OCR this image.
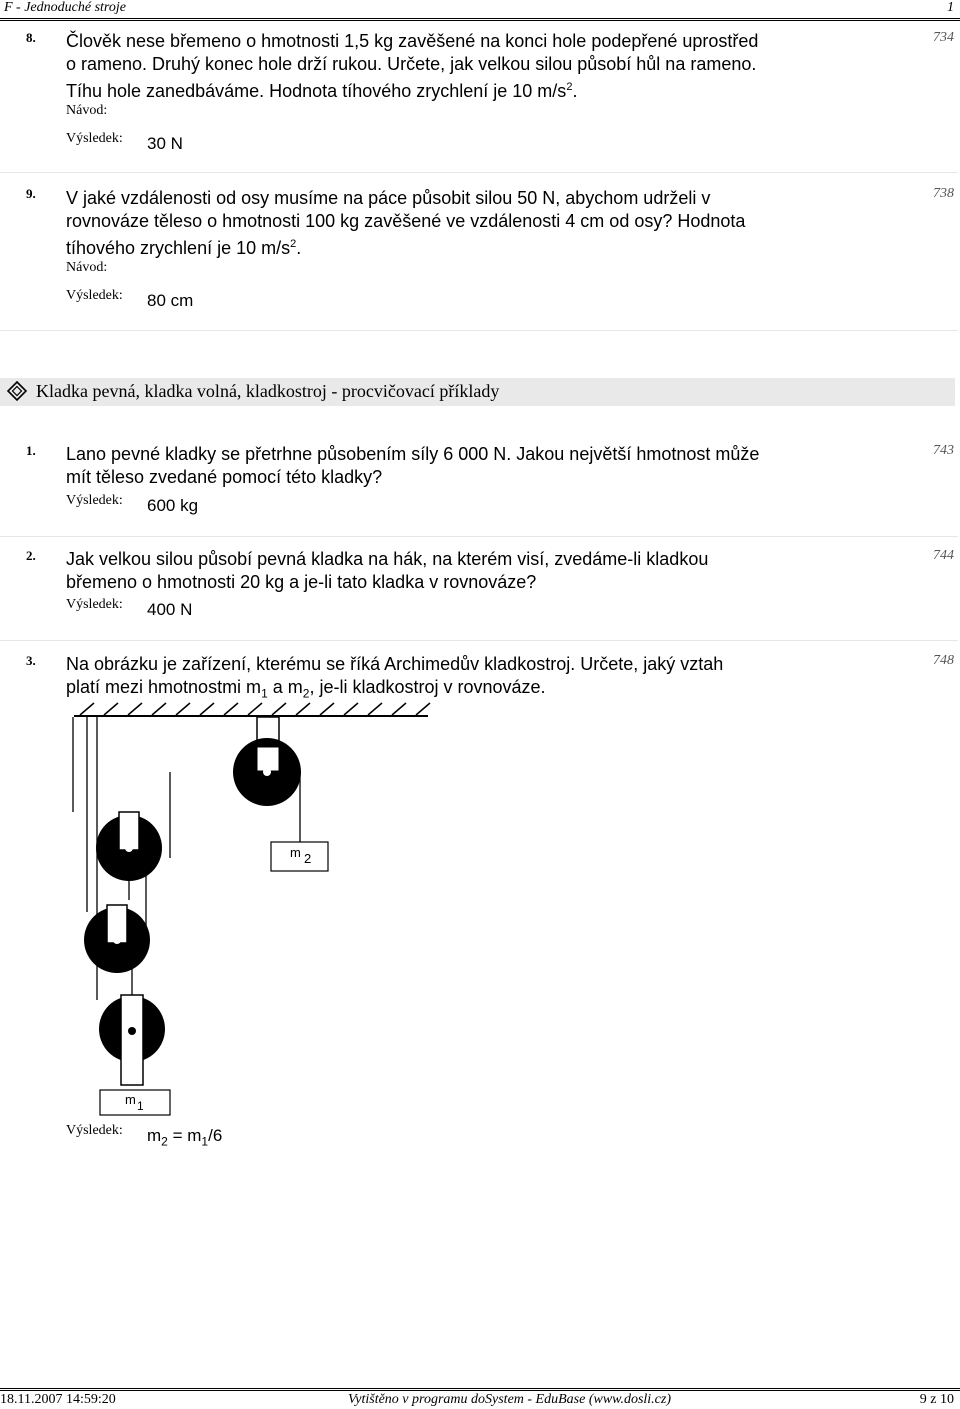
F - Jednoduché stroje	1
8.	734
Člověk nese břemeno o hmotnosti 1,5 kg zavěšené na konci hole podepřené uprostřed
o rameno. Druhý konec hole drží rukou. Určete, jak velkou silou působí hůl na rameno.
Tíhu hole zanedbáváme. Hodnota tíhového zrychlení je 10 $m/s^2$.
Návod:
Výsledek: 30 N
9.	738
V jaké vzdálenosti od osy musíme na páce působit silou 50 N, abychom udrželi v
rovnováze těleso o hmotnosti 100 kg zavěšené ve vzdálenosti 4 cm od osy? Hodnota
tíhového zrychlení je 10 $m/s^2$.
Návod:
Výsledek: 80 cm
Kladka pevná, kladka volná, kladkostroj - procvičovací příklady
1.	743
Lano pevné kladky se přetrhne působením síly 6 000 N. Jakou největší hmotnost může
mít těleso zvedané pomocí této kladky?
Výsledek: 600 kg
2.	744
Jak velkou silou působí pevná kladka na hák, na kterém visí, zvedáme-li kladkou
břemeno o hmotnosti 20 kg a je-li tato kladka v rovnováze?
Výsledek: 400 N
3.	748
Na obrázku je zařízení, kterému se říká Archimedův kladkostroj. Určete, jaký vztah
platí mezi hmotnostmi $m_1$ a $m_2$, je-li kladkostroj v rovnováze.
m 2
m 1
Výsledek: $m_2 = m_1/6$
18.11.2007 14:59:20	Vytištěno v programu doSystem - EduBase (www.dosli.cz)	9 z 10
